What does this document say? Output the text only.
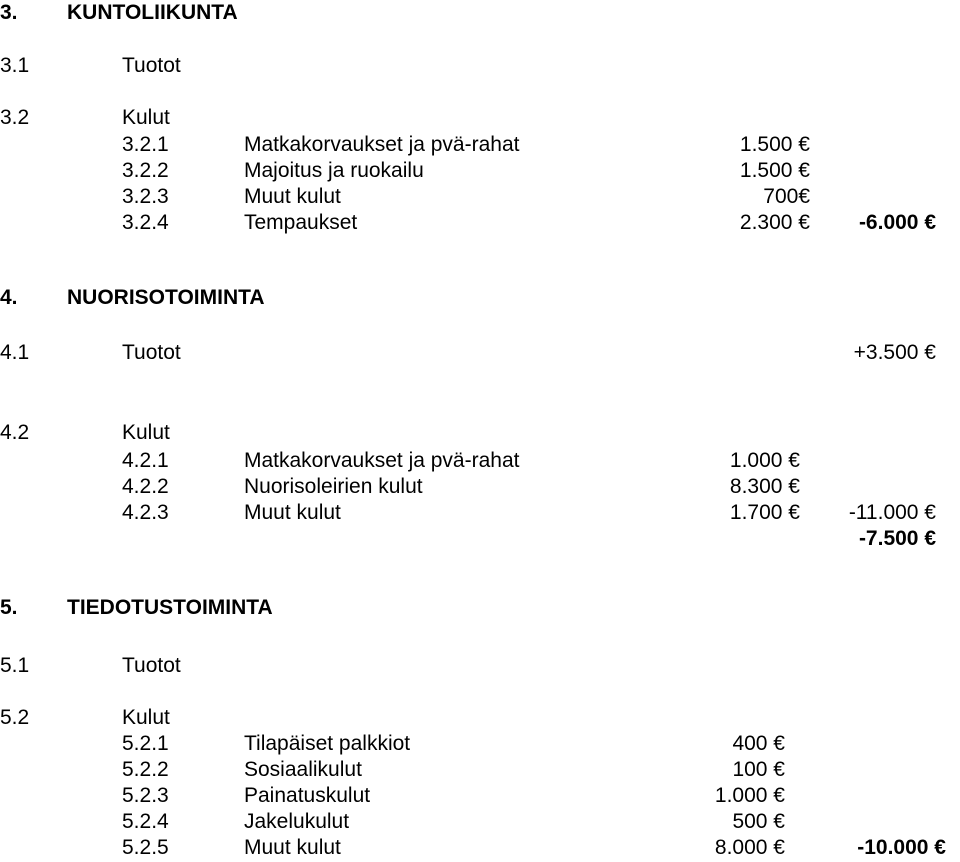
3. KUNTOLIIKUNTA
3.1	Tuotot
3.2	Kulut
3.2.1	Matkakorvaukset ja pvä-rahat	1.500 €
3.2.2	Majoitus ja ruokailu	1.500 €
3.2.3	Muut kulut	700€
3.2.4	Tempaukset	2.300 € -6.000 €
4. NUORISOTOIMINTA
4.1	Tuotot	+3.500 €
4.2	Kulut
4.2.1	Matkakorvaukset ja pvä-rahat	1.000 €
4.2.2	Nuorisoleirien kulut	8.300 €
4.2.3	Muut kulut	1.700 € -11.000 €
-7.500 €
5. TIEDOTUSTOIMINTA
5.1	Tuotot
5.2	Kulut
5.2.1	Tilapäiset palkkiot	400 €
5.2.2	Sosiaalikulut	100 €
5.2.3	Painatuskulut	1.000 €
5.2.4	Jakelukulut	500 €
5.2.5	Muut kulut	8.000 €	-10.000 €
